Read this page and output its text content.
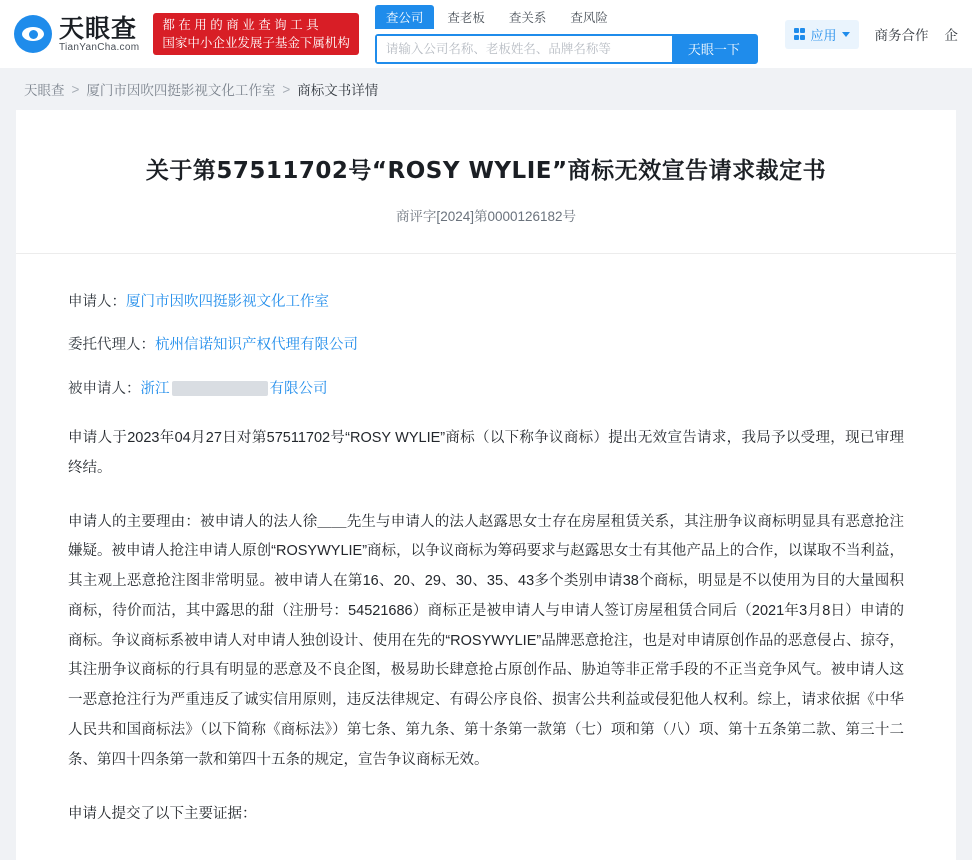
天眼查
TianYanCha.com
都 在 用 的 商 业 查 询 工 具
国家中小企业发展子基金下属机构
查公司	查老板	查关系	查风险
请输入公司名称、老板姓名、品牌名称等
天眼一下
应用	商务合作 企
天眼查 > 厦门市因吹四挺影视文化工作室 > 商标文书详情
关于第57511702号“ROSY WYLIE”商标无效宣告请求裁定书
商评字[2024]第0000126182号
申请人：厦门市因吹四挺影视文化工作室
委托代理人：杭州信诺知识产权代理有限公司
被申请人：浙江	有限公司
申请人于2023年04月27日对第57511702号“ROSY WYLIE”商标（以下称争议商标）提出无效宣告请求，我局予以受理，现已审理终结。
申请人的主要理由：被申请人的法人徐＿＿先生与申请人的法人赵露思女士存在房屋租赁关系，其注册争议商标明显具有恶意抢注嫌疑。被申请人抢注申请人原创“ROSYWYLIE”商标，以争议商标为筹码要求与赵露思女士有其他产品上的合作，以谋取不当利益，其主观上恶意抢注图非常明显。被申请人在第16、20、29、30、35、43多个类别申请38个商标，明显是不以使用为目的大量囤积商标，待价而沽，其中露思的甜（注册号：54521686）商标正是被申请人与申请人签订房屋租赁合同后（2021年3月8日）申请的商标。争议商标系被申请人对申请人独创设计、使用在先的“ROSYWYLIE”品牌恶意抢注，也是对申请原创作品的恶意侵占、掠夺，其注册争议商标的行具有明显的恶意及不良企图，极易助长肆意抢占原创作品、胁迫等非正常手段的不正当竞争风气。被申请人这一恶意抢注行为严重违反了诚实信用原则，违反法律规定、有碍公序良俗、损害公共利益或侵犯他人权利。综上，请求依据《中华人民共和国商标法》（以下简称《商标法》）第七条、第九条、第十条第一款第（七）项和第（八）项、第十五条第二款、第三十二条、第四十四条第一款和第四十五条的规定，宣告争议商标无效。
申请人提交了以下主要证据：
